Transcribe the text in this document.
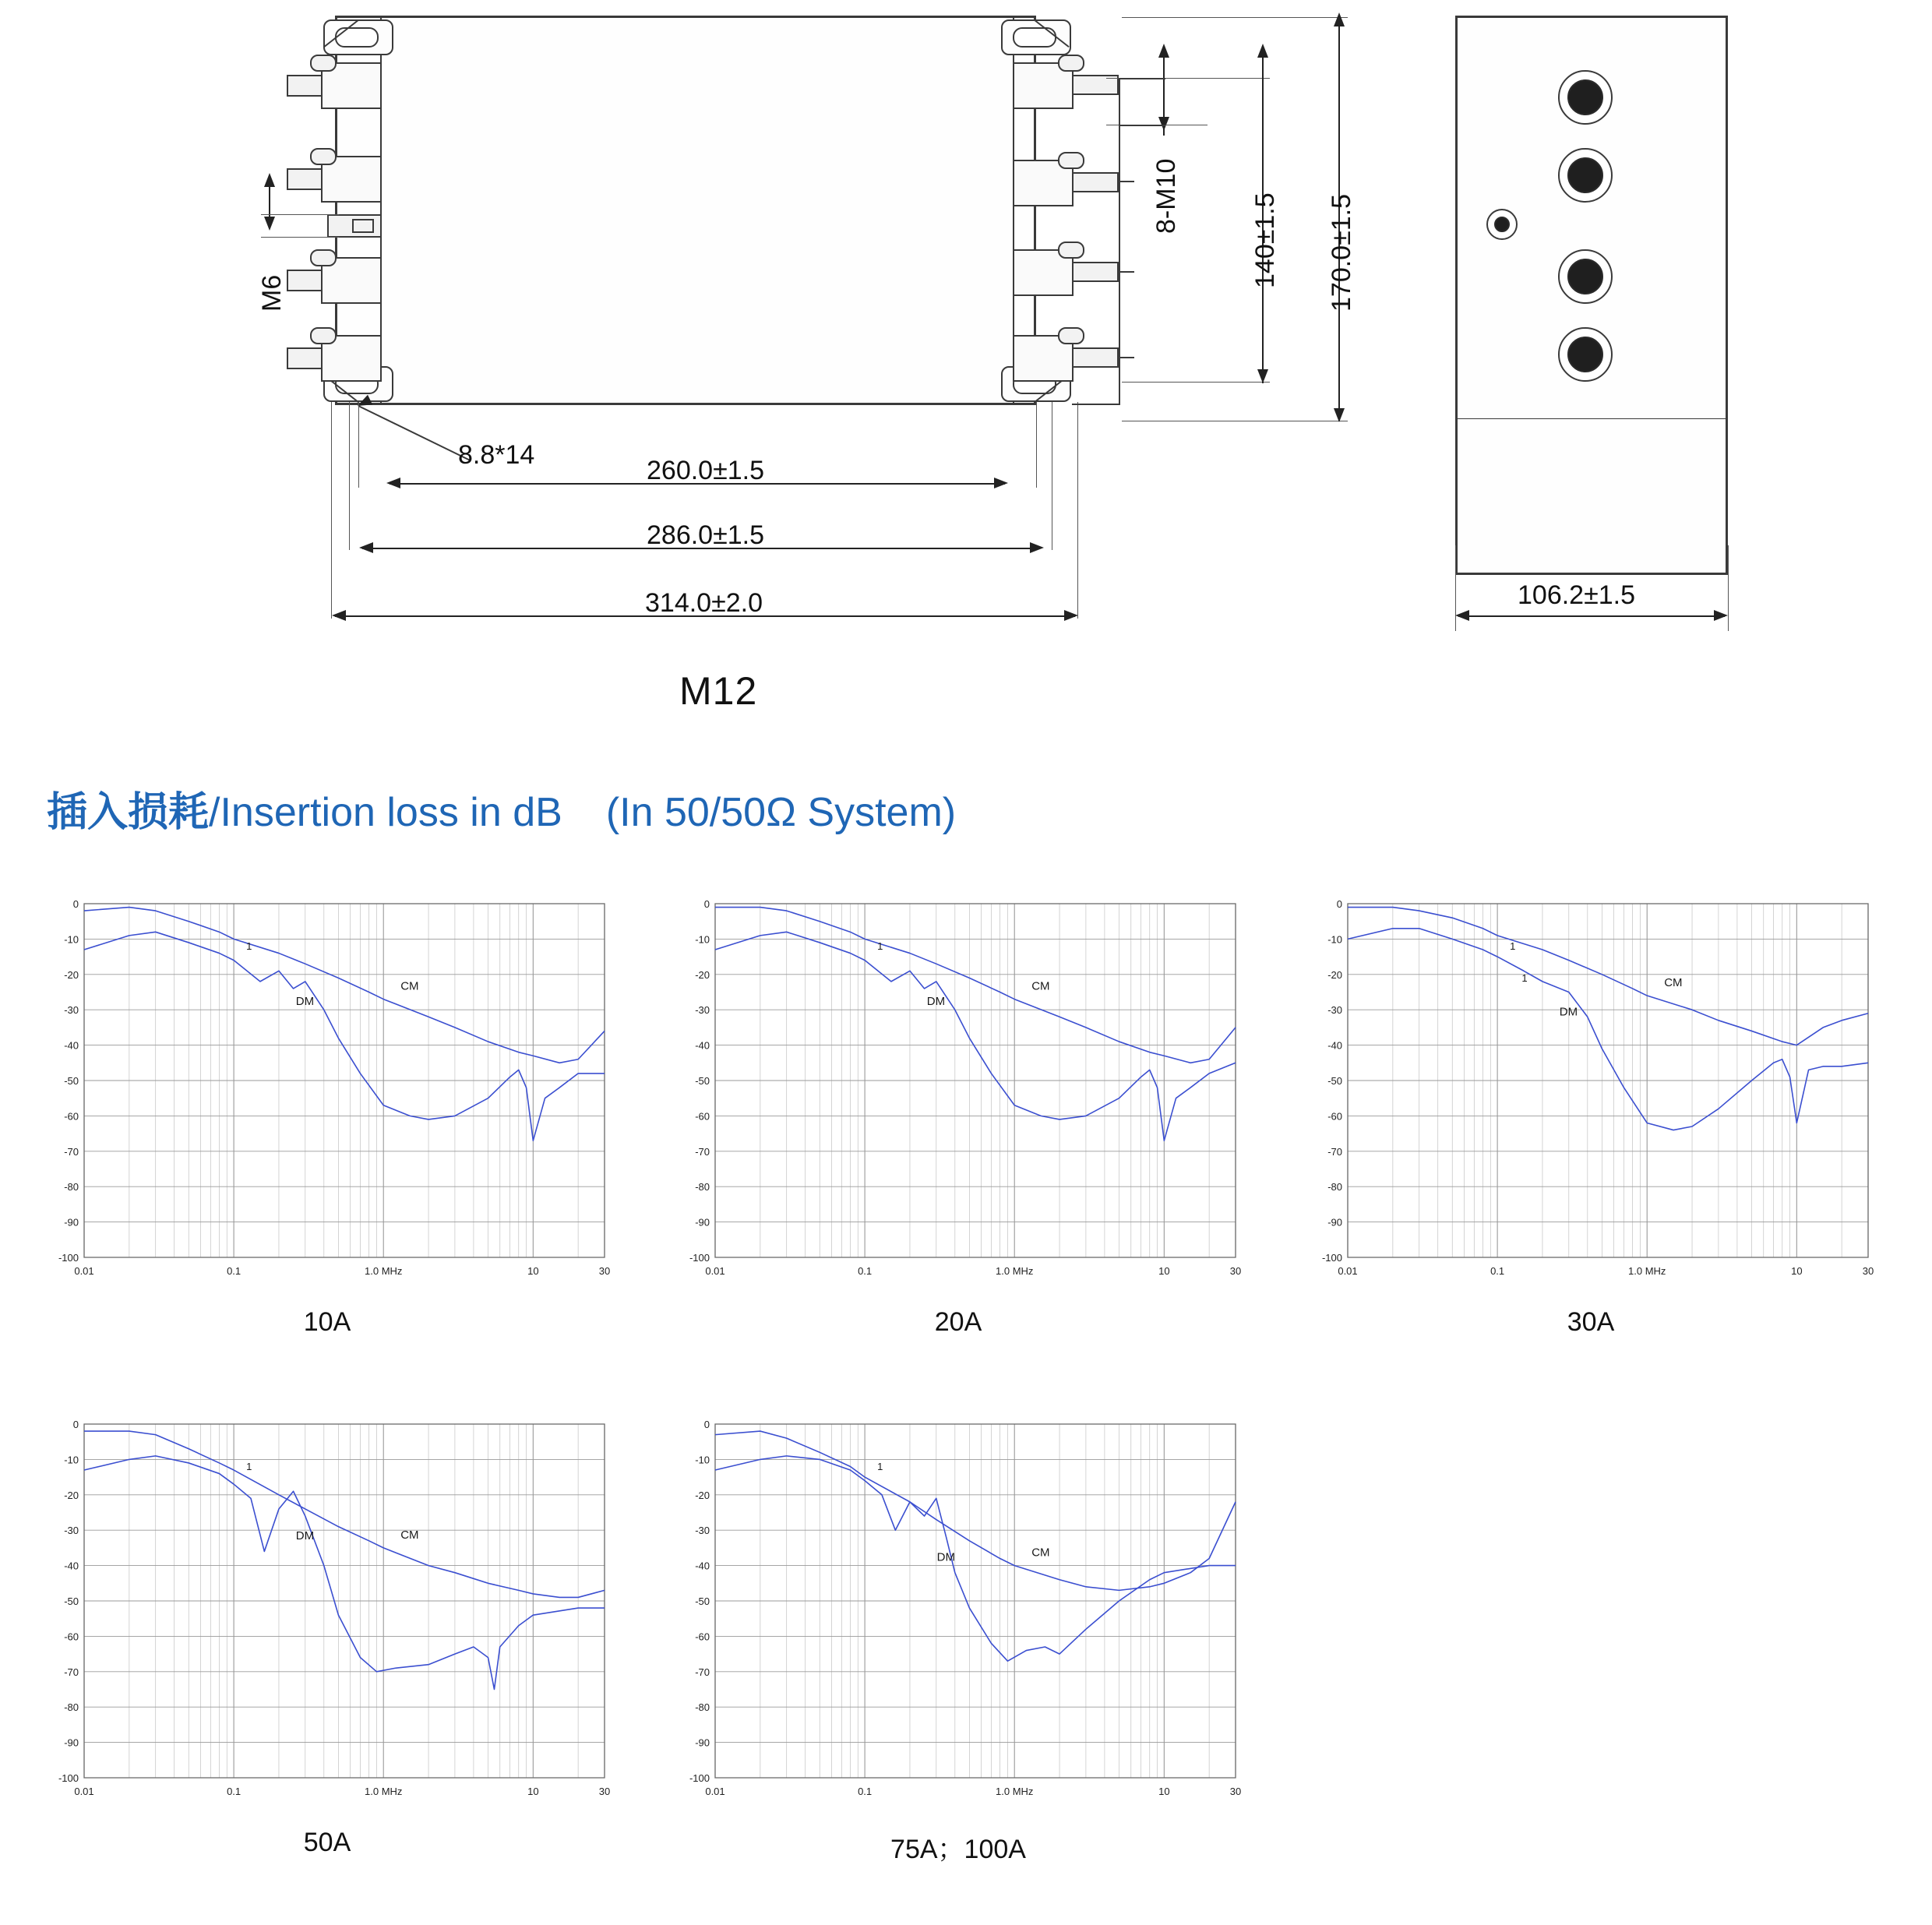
M6
8.8*14
260.0±1.5
286.0±1.5
314.0±2.0
8-M10	140±1.5 170.0±1.5
106.2±1.5
M12
插入损耗/Insertion loss in dB (In 50/50Ω System)
0
-10
-20
-30
-40
-50
-60
-70
-80
-90
-100
0.01	0.1	1.0 MHz	10	30
CM
DM
1
10A
0
-10
-20
-30
-40
-50
-60
-70
-80
-90
-100
0.01	0.1	1.0 MHz	10	30
CM
DM
1
20A
0
-10
-20
-30
-40
-50
-60
-70
-80
-90
-100
0.01	0.1	1.0 MHz	10	30
CM
DM
1
1
30A
0
-10
-20
-30
-40
-50
-60
-70
-80
-90
-100
0.01	0.1	1.0 MHz	10	30
CM
DM
1
50A
0
-10
-20
-30
-40
-50
-60
-70
-80
-90
-100
0.01	0.1	1.0 MHz	10	30
CM
DM
1
75A；100A
